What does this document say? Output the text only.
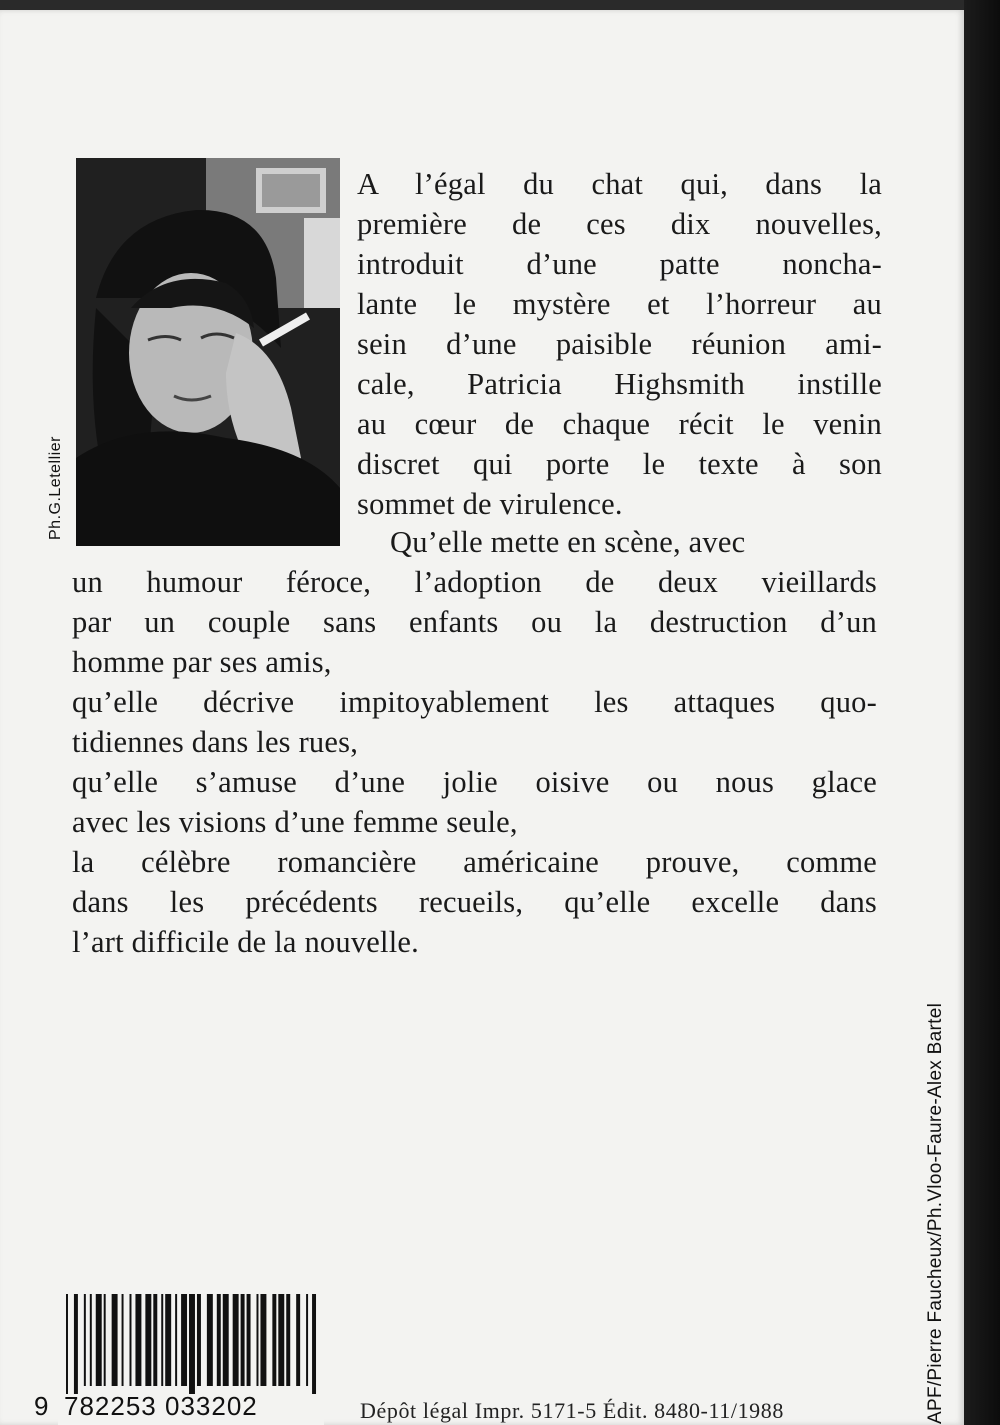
Ph.G.Letellier
A l’égal du chat qui, dans la
première de ces dix nouvelles,
introduit d’une patte noncha-
lante le mystère et l’horreur au
sein d’une paisible réunion ami-
cale, Patricia Highsmith instille
au cœur de chaque récit le venin
discret qui porte le texte à son
sommet de virulence.
Qu’elle mette en scène, avec
un humour féroce, l’adoption de deux vieillards
par un couple sans enfants ou la destruction d’un
homme par ses amis,
qu’elle décrive impitoyablement les attaques quo-
tidiennes dans les rues,
qu’elle s’amuse d’une jolie oisive ou nous glace
avec les visions d’une femme seule,
la célèbre romancière américaine prouve, comme
dans les précédents recueils, qu’elle excelle dans
l’art difficile de la nouvelle.
APF/Pierre Faucheux/Ph.Vloo-Faure-Alex Bartel
9 782253 033202	Dépôt légal Impr. 5171-5 Édit. 8480-11/1988
